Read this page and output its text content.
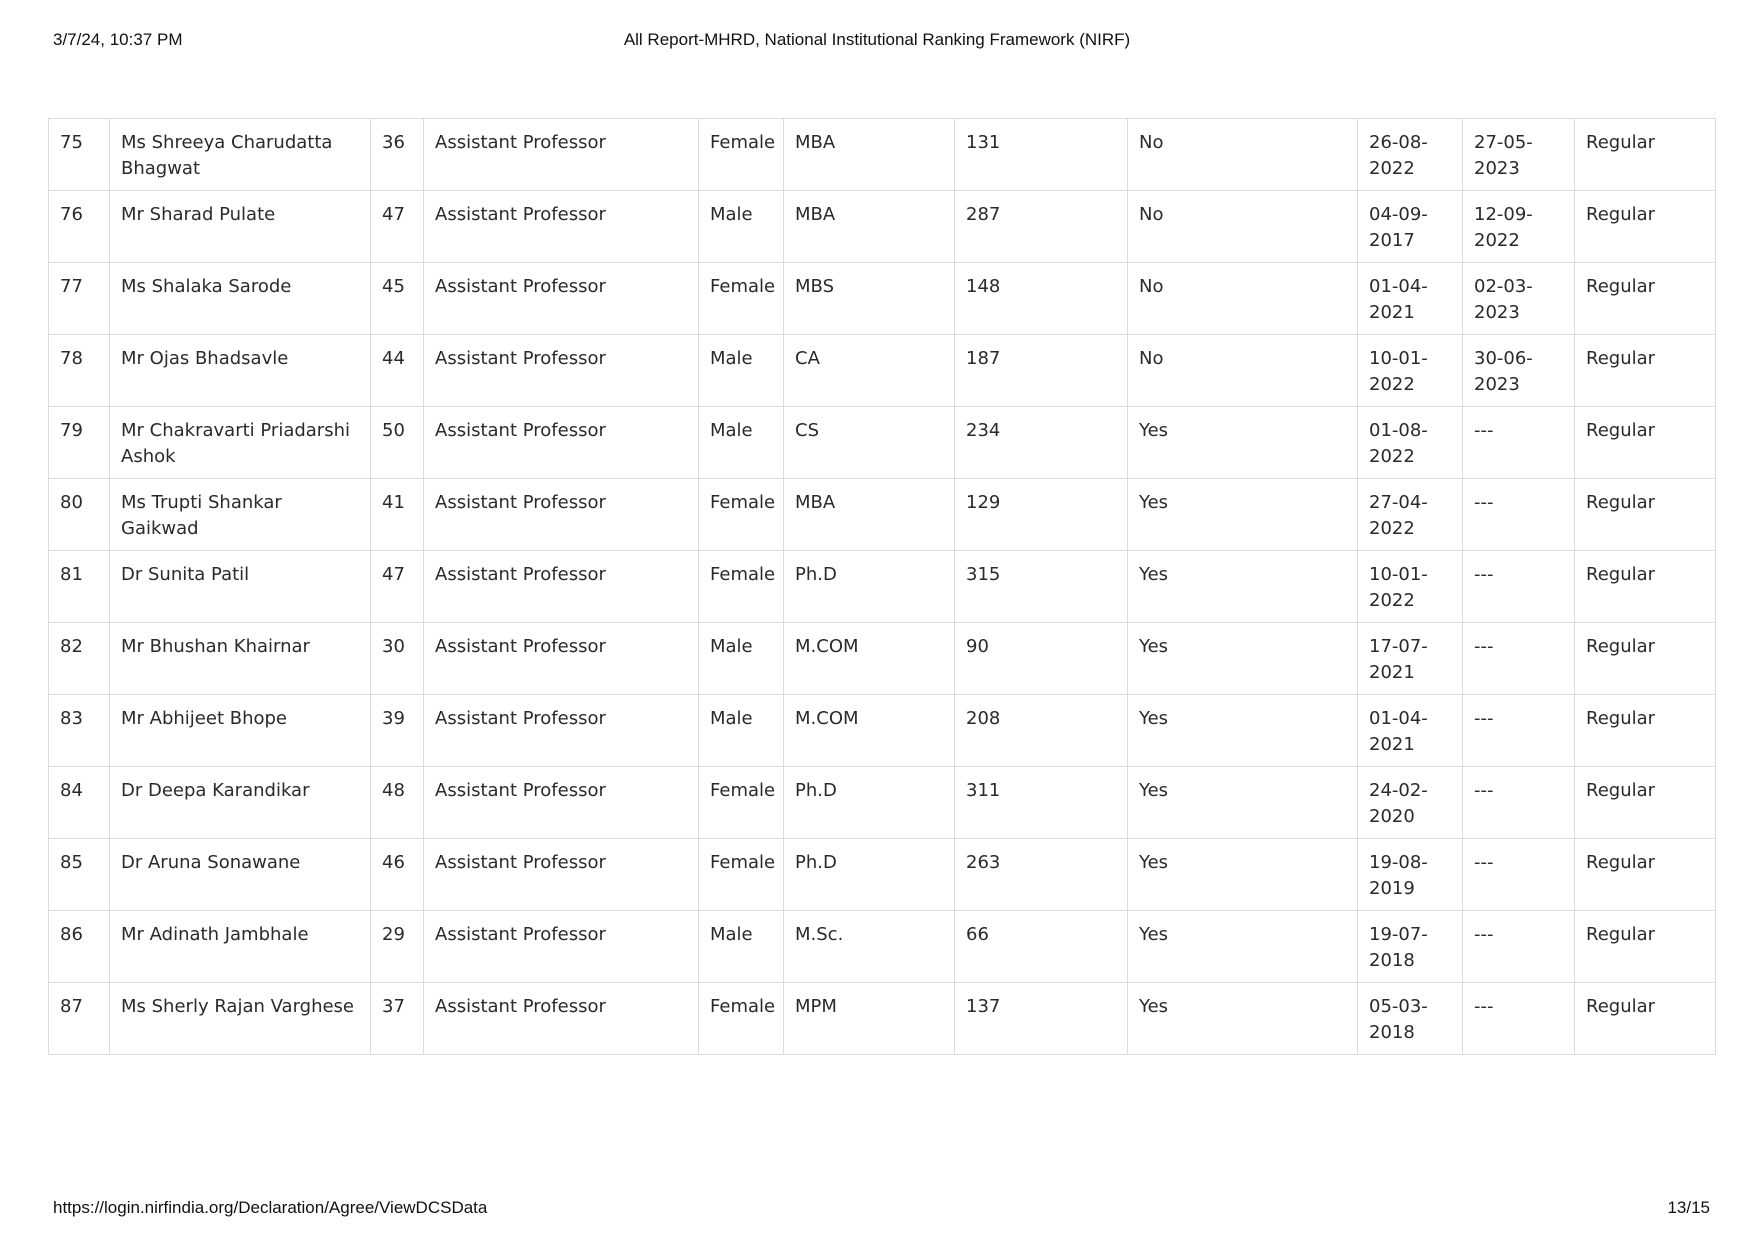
3/7/24, 10:37 PM	All Report-MHRD, National Institutional Ranking Framework (NIRF)
75	Ms Shreeya Charudatta Bhagwat	36	Assistant Professor	Female	MBA	131	No	26-08-2022	27-05-2023	Regular
76	Mr Sharad Pulate	47	Assistant Professor	Male	MBA	287	No	04-09-2017	12-09-2022	Regular
77	Ms Shalaka Sarode	45	Assistant Professor	Female	MBS	148	No	01-04-2021	02-03-2023	Regular
78	Mr Ojas Bhadsavle	44	Assistant Professor	Male	CA	187	No	10-01-2022	30-06-2023	Regular
79	Mr Chakravarti Priadarshi Ashok	50	Assistant Professor	Male	CS	234	Yes	01-08-2022	---	Regular
80	Ms Trupti Shankar Gaikwad	41	Assistant Professor	Female	MBA	129	Yes	27-04-2022	---	Regular
81	Dr Sunita Patil	47	Assistant Professor	Female	Ph.D	315	Yes	10-01-2022	---	Regular
82	Mr Bhushan Khairnar	30	Assistant Professor	Male	M.COM	90	Yes	17-07-2021	---	Regular
83	Mr Abhijeet Bhope	39	Assistant Professor	Male	M.COM	208	Yes	01-04-2021	---	Regular
84	Dr Deepa Karandikar	48	Assistant Professor	Female	Ph.D	311	Yes	24-02-2020	---	Regular
85	Dr Aruna Sonawane	46	Assistant Professor	Female	Ph.D	263	Yes	19-08-2019	---	Regular
86	Mr Adinath Jambhale	29	Assistant Professor	Male	M.Sc.	66	Yes	19-07-2018	---	Regular
87	Ms Sherly Rajan Varghese	37	Assistant Professor	Female	MPM	137	Yes	05-03-2018	---	Regular
https://login.nirfindia.org/Declaration/Agree/ViewDCSData	13/15
